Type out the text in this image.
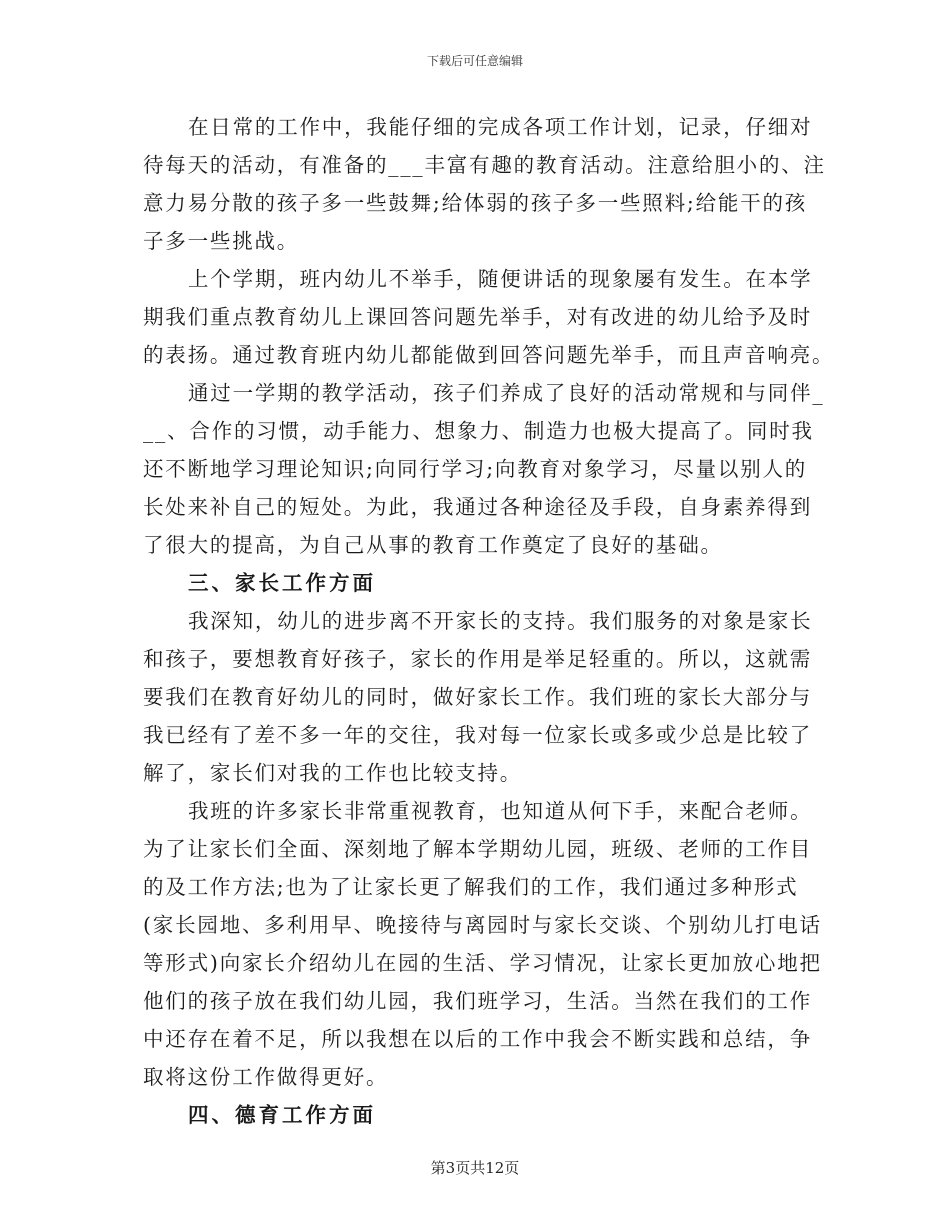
下载后可任意编辑
在日常的工作中，我能仔细的完成各项工作计划，记录，仔细对
待每天的活动，有准备的___丰富有趣的教育活动。注意给胆小的、注
意力易分散的孩子多一些鼓舞;给体弱的孩子多一些照料;给能干的孩
子多一些挑战。
上个学期，班内幼儿不举手，随便讲话的现象屡有发生。在本学
期我们重点教育幼儿上课回答问题先举手，对有改进的幼儿给予及时
的表扬。通过教育班内幼儿都能做到回答问题先举手，而且声音响亮。
通过一学期的教学活动，孩子们养成了良好的活动常规和与同伴_
__、合作的习惯，动手能力、想象力、制造力也极大提高了。同时我
还不断地学习理论知识;向同行学习;向教育对象学习，尽量以别人的
长处来补自己的短处。为此，我通过各种途径及手段，自身素养得到
了很大的提高，为自己从事的教育工作奠定了良好的基础。
三、家长工作方面
我深知，幼儿的进步离不开家长的支持。我们服务的对象是家长
和孩子，要想教育好孩子，家长的作用是举足轻重的。所以，这就需
要我们在教育好幼儿的同时，做好家长工作。我们班的家长大部分与
我已经有了差不多一年的交往，我对每一位家长或多或少总是比较了
解了，家长们对我的工作也比较支持。
我班的许多家长非常重视教育，也知道从何下手，来配合老师。
为了让家长们全面、深刻地了解本学期幼儿园，班级、老师的工作目
的及工作方法;也为了让家长更了解我们的工作，我们通过多种形式
(家长园地、多利用早、晚接待与离园时与家长交谈、个别幼儿打电话
等形式)向家长介绍幼儿在园的生活、学习情况，让家长更加放心地把
他们的孩子放在我们幼儿园，我们班学习，生活。当然在我们的工作
中还存在着不足，所以我想在以后的工作中我会不断实践和总结，争
取将这份工作做得更好。
四、德育工作方面
第3页共12页
